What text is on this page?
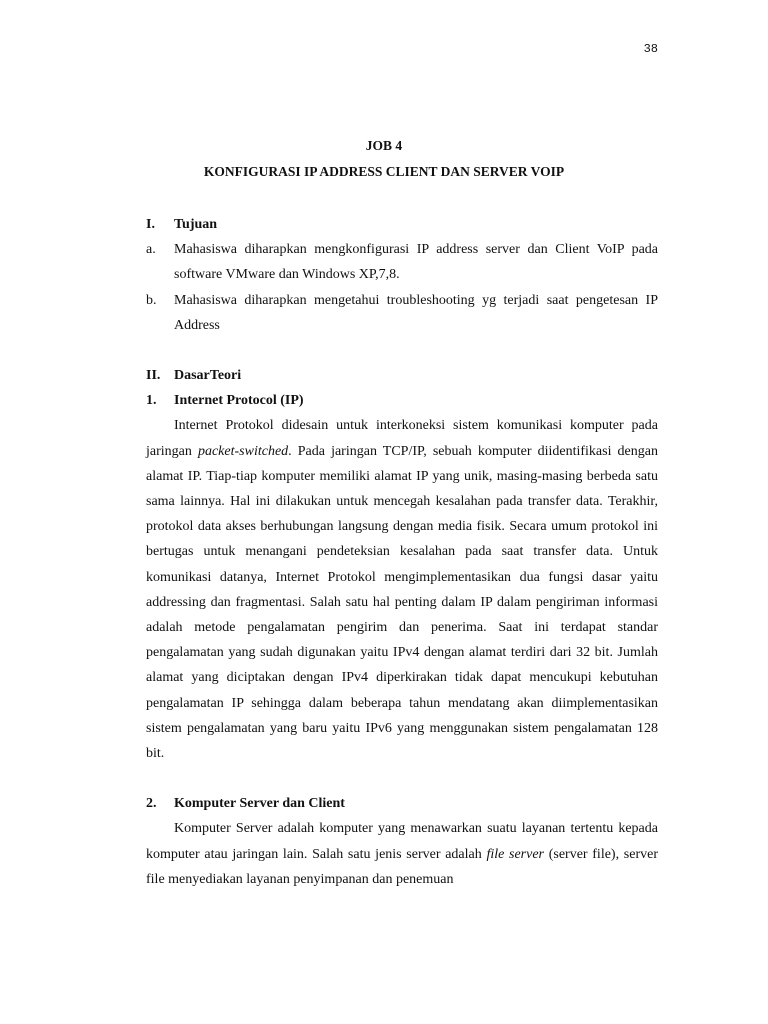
38
JOB 4
KONFIGURASI IP ADDRESS CLIENT DAN SERVER VOIP
I.	Tujuan
a.	Mahasiswa diharapkan mengkonfigurasi IP address server dan Client VoIP pada software VMware dan Windows XP,7,8.
b.	Mahasiswa diharapkan mengetahui troubleshooting yg terjadi saat pengetesan IP Address
II. DasarTeori
1.	Internet Protocol (IP)

Internet Protokol didesain untuk interkoneksi sistem komunikasi komputer pada jaringan packet-switched. Pada jaringan TCP/IP, sebuah komputer diidentifikasi dengan alamat IP. Tiap-tiap komputer memiliki alamat IP yang unik, masing-masing berbeda satu sama lainnya. Hal ini dilakukan untuk mencegah kesalahan pada transfer data. Terakhir, protokol data akses berhubungan langsung dengan media fisik. Secara umum protokol ini bertugas untuk menangani pendeteksian kesalahan pada saat transfer data. Untuk komunikasi datanya, Internet Protokol mengimplementasikan dua fungsi dasar yaitu addressing dan fragmentasi. Salah satu hal penting dalam IP dalam pengiriman informasi adalah metode pengalamatan pengirim dan penerima. Saat ini terdapat standar pengalamatan yang sudah digunakan yaitu IPv4 dengan alamat terdiri dari 32 bit. Jumlah alamat yang diciptakan dengan IPv4 diperkirakan tidak dapat mencukupi kebutuhan pengalamatan IP sehingga dalam beberapa tahun mendatang akan diimplementasikan sistem pengalamatan yang baru yaitu IPv6 yang menggunakan sistem pengalamatan 128 bit.

2.	Komputer Server dan Client

Komputer Server adalah komputer yang menawarkan suatu layanan tertentu kepada komputer atau jaringan lain. Salah satu jenis server adalah file server (server file), server file menyediakan layanan penyimpanan dan penemuan
